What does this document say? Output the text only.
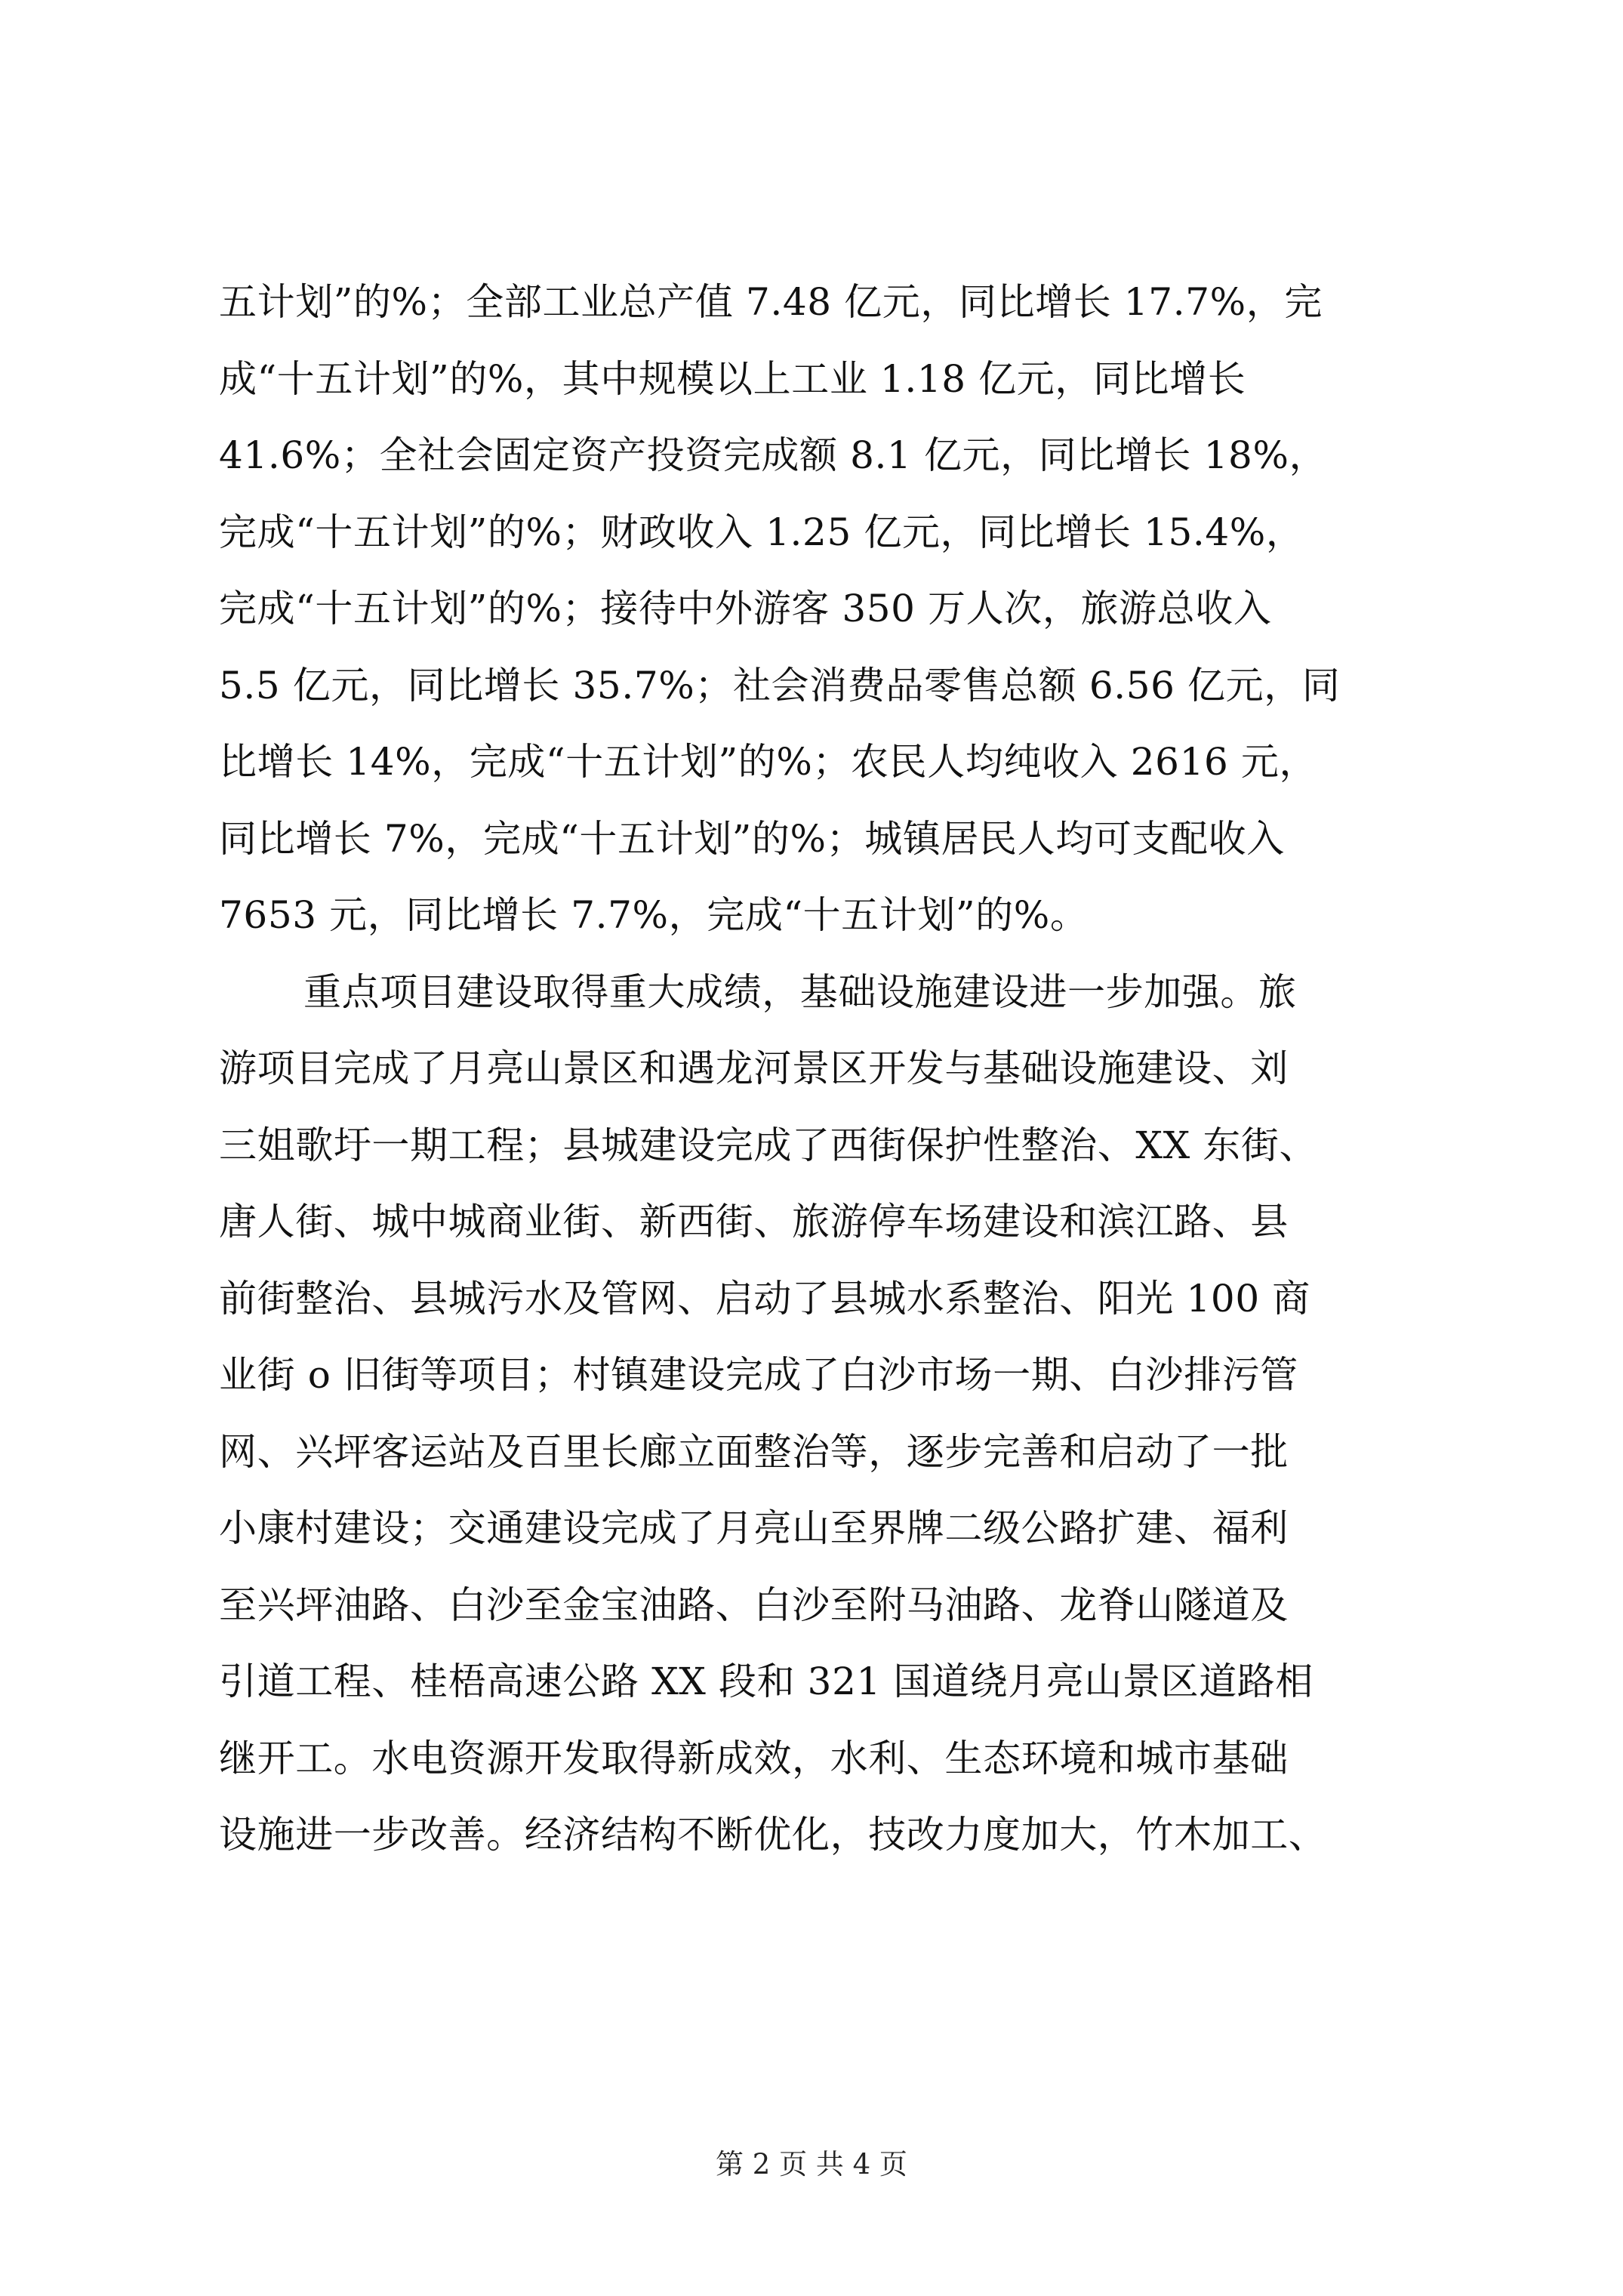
五计划”的%；全部工业总产值 7.48 亿元，同比增长 17.7%，完
成“十五计划”的%，其中规模以上工业 1.18 亿元，同比增长
41.6%；全社会固定资产投资完成额 8.1 亿元，同比增长 18%，
完成“十五计划”的%；财政收入 1.25 亿元，同比增长 15.4%，
完成“十五计划”的%；接待中外游客 350 万人次，旅游总收入
5.5 亿元，同比增长 35.7%；社会消费品零售总额 6.56 亿元，同
比增长 14%，完成“十五计划”的%；农民人均纯收入 2616 元，
同比增长 7%，完成“十五计划”的%；城镇居民人均可支配收入
7653 元，同比增长 7.7%，完成“十五计划”的%。
重点项目建设取得重大成绩，基础设施建设进一步加强。旅
游项目完成了月亮山景区和遇龙河景区开发与基础设施建设、刘
三姐歌圩一期工程；县城建设完成了西街保护性整治、XX 东街、
唐人街、城中城商业街、新西街、旅游停车场建设和滨江路、县
前街整治、县城污水及管网、启动了县城水系整治、阳光 100 商
业街 o 旧街等项目；村镇建设完成了白沙市场一期、白沙排污管
网、兴坪客运站及百里长廊立面整治等，逐步完善和启动了一批
小康村建设；交通建设完成了月亮山至界牌二级公路扩建、福利
至兴坪油路、白沙至金宝油路、白沙至附马油路、龙脊山隧道及
引道工程、桂梧高速公路 XX 段和 321 国道绕月亮山景区道路相
继开工。水电资源开发取得新成效，水利、生态环境和城市基础
设施进一步改善。经济结构不断优化，技改力度加大，竹木加工、
第 2 页 共 4 页
